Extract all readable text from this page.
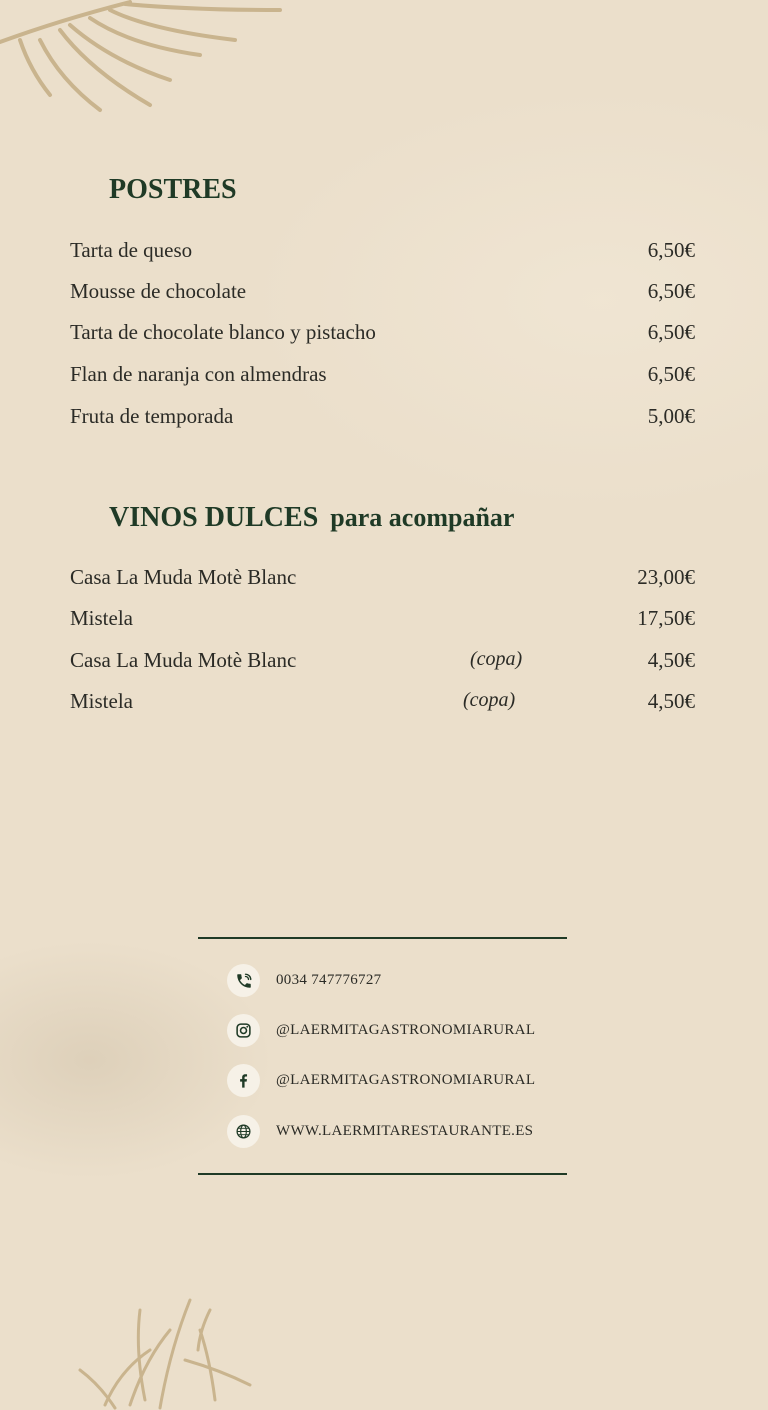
POSTRES
Tarta de queso	6,50€
Mousse de chocolate	6,50€
Tarta de chocolate blanco y pistacho	6,50€
Flan de naranja con almendras	6,50€
Fruta de temporada	5,00€
VINOS DULCES para acompañar
Casa La Muda Motè Blanc	23,00€
Mistela	17,50€
Casa La Muda Motè Blanc	(copa)	4,50€
Mistela	(copa)	4,50€
0034 747776727
@LAERMITAGASTRONOMIARURAL
@LAERMITAGASTRONOMIARURAL
WWW.LAERMITARESTAURANTE.ES
